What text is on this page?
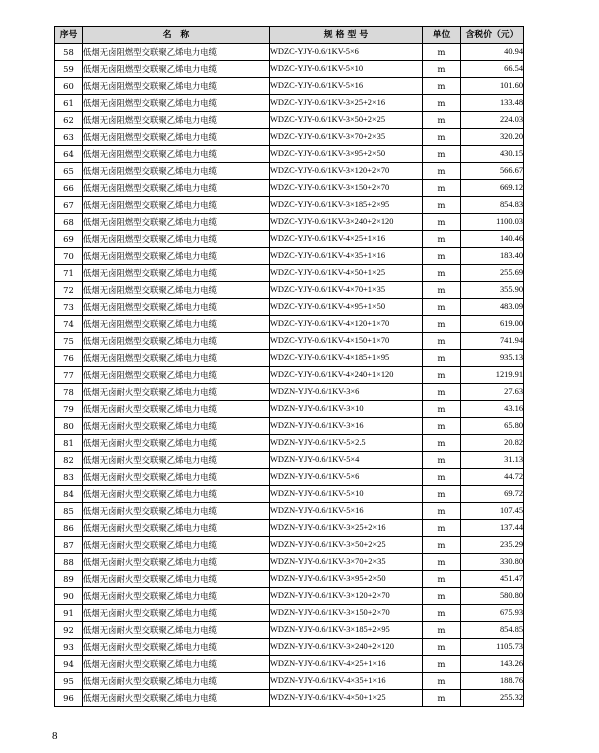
序号	名　称	规 格 型 号	单位	含税价（元）
58	低烟无卤阻燃型交联聚乙烯电力电缆	WDZC-YJY-0.6/1KV-5×6	m	40.94
59	低烟无卤阻燃型交联聚乙烯电力电缆	WDZC-YJY-0.6/1KV-5×10	m	66.54
60	低烟无卤阻燃型交联聚乙烯电力电缆	WDZC-YJY-0.6/1KV-5×16	m	101.60
61	低烟无卤阻燃型交联聚乙烯电力电缆	WDZC-YJY-0.6/1KV-3×25+2×16	m	133.48
62	低烟无卤阻燃型交联聚乙烯电力电缆	WDZC-YJY-0.6/1KV-3×50+2×25	m	224.03
63	低烟无卤阻燃型交联聚乙烯电力电缆	WDZC-YJY-0.6/1KV-3×70+2×35	m	320.20
64	低烟无卤阻燃型交联聚乙烯电力电缆	WDZC-YJY-0.6/1KV-3×95+2×50	m	430.15
65	低烟无卤阻燃型交联聚乙烯电力电缆	WDZC-YJY-0.6/1KV-3×120+2×70	m	566.67
66	低烟无卤阻燃型交联聚乙烯电力电缆	WDZC-YJY-0.6/1KV-3×150+2×70	m	669.12
67	低烟无卤阻燃型交联聚乙烯电力电缆	WDZC-YJY-0.6/1KV-3×185+2×95	m	854.83
68	低烟无卤阻燃型交联聚乙烯电力电缆	WDZC-YJY-0.6/1KV-3×240+2×120	m	1100.03
69	低烟无卤阻燃型交联聚乙烯电力电缆	WDZC-YJY-0.6/1KV-4×25+1×16	m	140.46
70	低烟无卤阻燃型交联聚乙烯电力电缆	WDZC-YJY-0.6/1KV-4×35+1×16	m	183.40
71	低烟无卤阻燃型交联聚乙烯电力电缆	WDZC-YJY-0.6/1KV-4×50+1×25	m	255.69
72	低烟无卤阻燃型交联聚乙烯电力电缆	WDZC-YJY-0.6/1KV-4×70+1×35	m	355.90
73	低烟无卤阻燃型交联聚乙烯电力电缆	WDZC-YJY-0.6/1KV-4×95+1×50	m	483.09
74	低烟无卤阻燃型交联聚乙烯电力电缆	WDZC-YJY-0.6/1KV-4×120+1×70	m	619.00
75	低烟无卤阻燃型交联聚乙烯电力电缆	WDZC-YJY-0.6/1KV-4×150+1×70	m	741.94
76	低烟无卤阻燃型交联聚乙烯电力电缆	WDZC-YJY-0.6/1KV-4×185+1×95	m	935.13
77	低烟无卤阻燃型交联聚乙烯电力电缆	WDZC-YJY-0.6/1KV-4×240+1×120	m	1219.91
78	低烟无卤耐火型交联聚乙烯电力电缆	WDZN-YJY-0.6/1KV-3×6	m	27.63
79	低烟无卤耐火型交联聚乙烯电力电缆	WDZN-YJY-0.6/1KV-3×10	m	43.16
80	低烟无卤耐火型交联聚乙烯电力电缆	WDZN-YJY-0.6/1KV-3×16	m	65.80
81	低烟无卤耐火型交联聚乙烯电力电缆	WDZN-YJY-0.6/1KV-5×2.5	m	20.82
82	低烟无卤耐火型交联聚乙烯电力电缆	WDZN-YJY-0.6/1KV-5×4	m	31.13
83	低烟无卤耐火型交联聚乙烯电力电缆	WDZN-YJY-0.6/1KV-5×6	m	44.72
84	低烟无卤耐火型交联聚乙烯电力电缆	WDZN-YJY-0.6/1KV-5×10	m	69.72
85	低烟无卤耐火型交联聚乙烯电力电缆	WDZN-YJY-0.6/1KV-5×16	m	107.45
86	低烟无卤耐火型交联聚乙烯电力电缆	WDZN-YJY-0.6/1KV-3×25+2×16	m	137.44
87	低烟无卤耐火型交联聚乙烯电力电缆	WDZN-YJY-0.6/1KV-3×50+2×25	m	235.29
88	低烟无卤耐火型交联聚乙烯电力电缆	WDZN-YJY-0.6/1KV-3×70+2×35	m	330.80
89	低烟无卤耐火型交联聚乙烯电力电缆	WDZN-YJY-0.6/1KV-3×95+2×50	m	451.47
90	低烟无卤耐火型交联聚乙烯电力电缆	WDZN-YJY-0.6/1KV-3×120+2×70	m	580.80
91	低烟无卤耐火型交联聚乙烯电力电缆	WDZN-YJY-0.6/1KV-3×150+2×70	m	675.93
92	低烟无卤耐火型交联聚乙烯电力电缆	WDZN-YJY-0.6/1KV-3×185+2×95	m	854.85
93	低烟无卤耐火型交联聚乙烯电力电缆	WDZN-YJY-0.6/1KV-3×240+2×120	m	1105.73
94	低烟无卤耐火型交联聚乙烯电力电缆	WDZN-YJY-0.6/1KV-4×25+1×16	m	143.26
95	低烟无卤耐火型交联聚乙烯电力电缆	WDZN-YJY-0.6/1KV-4×35+1×16	m	188.76
96	低烟无卤耐火型交联聚乙烯电力电缆	WDZN-YJY-0.6/1KV-4×50+1×25	m	255.32
8
